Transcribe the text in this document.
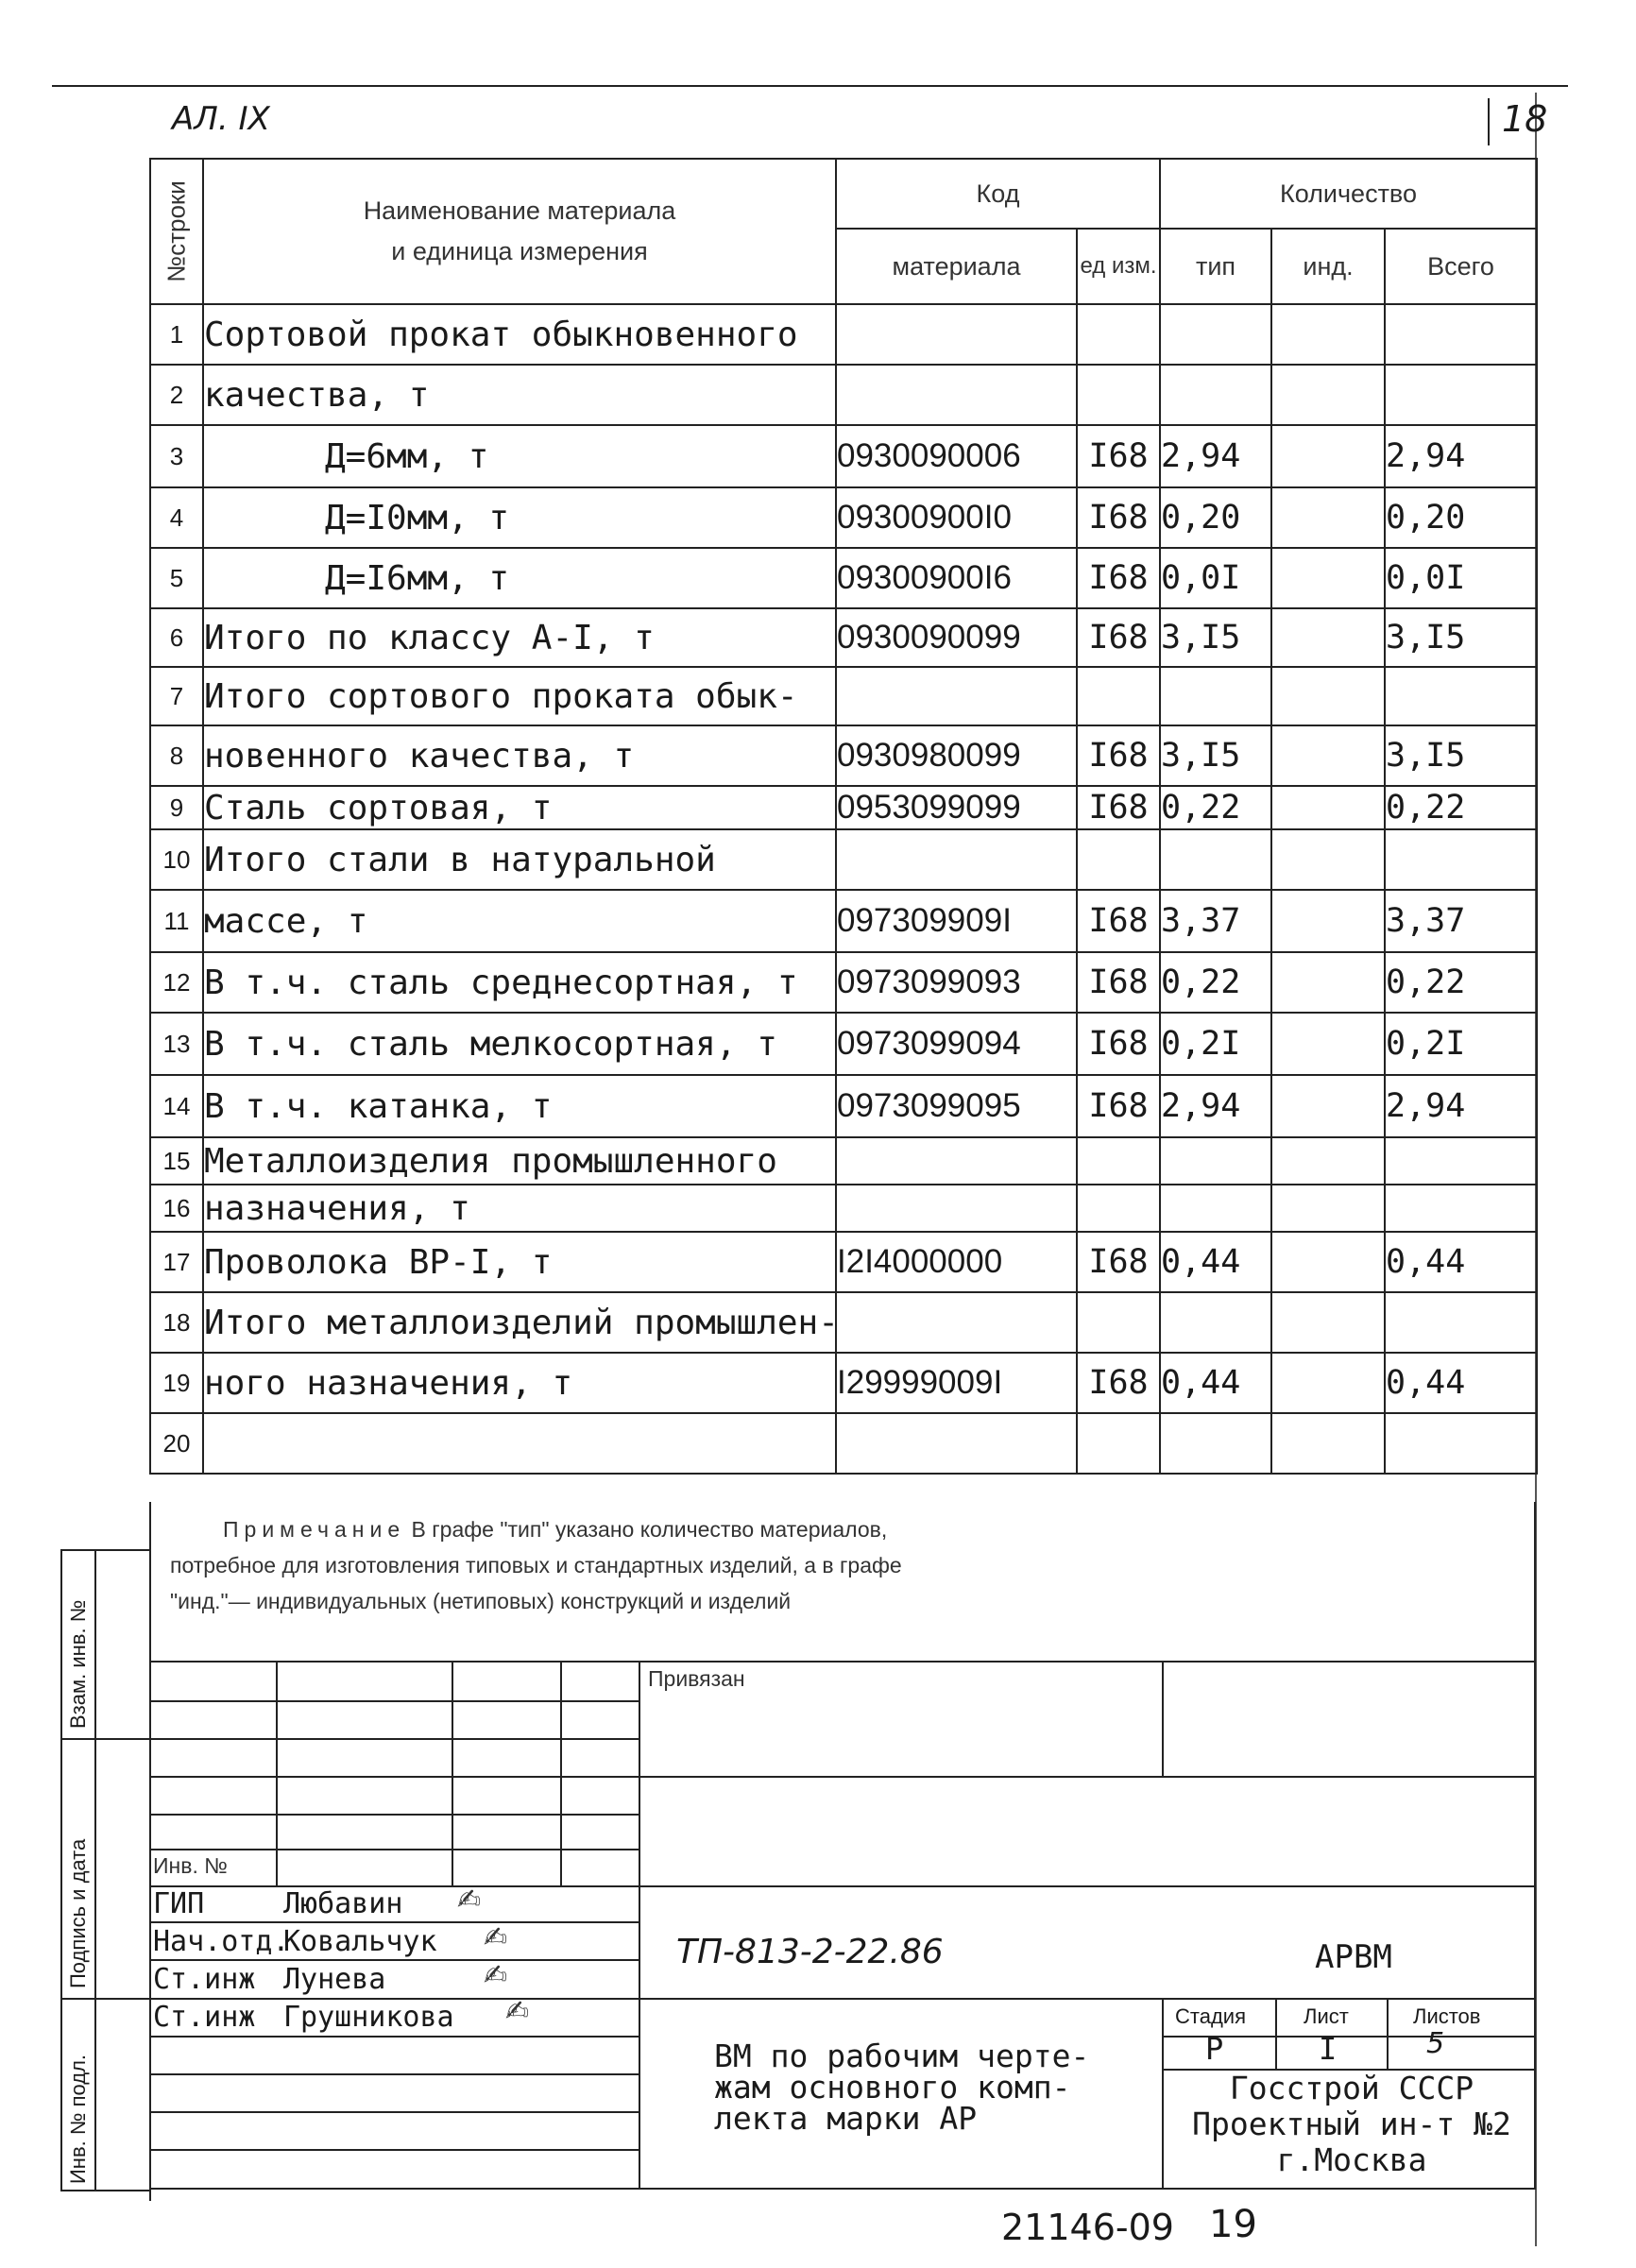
АЛ. IX	18
№строки	Наименование материала
и единица измерения	Код		Количество		
		материала	ед изм.	тип	инд.	Всего
1	Сортовой прокат обыкновенного					
2	качества, т					
3	Д=6мм, т	0930090006	I68	2,94		2,94
4	Д=I0мм, т	09300900I0	I68	0,20		0,20
5	Д=I6мм, т	09300900I6	I68	0,0I		0,0I
6	Итого по классу А-I, т	0930090099	I68	3,I5		3,I5
7	Итого сортового проката обык-					
8	новенного качества, т	0930980099	I68	3,I5		3,I5
9	Сталь сортовая, т	0953099099	I68	0,22		0,22
10	Итого стали в натуральной					
11	массе, т	097309909I	I68	3,37		3,37
12	В т.ч. сталь среднесортная, т	0973099093	I68	0,22		0,22
13	В т.ч. сталь мелкосортная, т	0973099094	I68	0,2I		0,2I
14	В т.ч. катанка, т	0973099095	I68	2,94		2,94
15	Металлоизделия промышленного					
16	назначения, т					
17	Проволока ВР-I, т	I2I4000000	I68	0,44		0,44
18	Итого металлоизделий промышлен-					
19	ного назначения, т	I29999009I	I68	0,44		0,44
20						
Примечание В графе "тип" указано количество материалов, потребное для изготовления типовых и стандартных изделий, а в графе "инд."— индивидуальных (нетиповых) конструкций и изделий
Взам. инв. №
Подпись и дата
Инв. № подл.
Привязан
Инв. №
ГИП	Любавин
Нач.отд.
Ковальчук
Ст.инж Лунева
Ст.инж Грушникова
✍
✍
✍
✍
ТП-813-2-22.86	АРВМ
Стадия	Лист	Листов
Р	I	5
ВМ по рабочим черте-
жам основного комп-
лекта марки АР
Госстрой СССР
Проектный ин-т №2
г.Москва
21146-09 19
